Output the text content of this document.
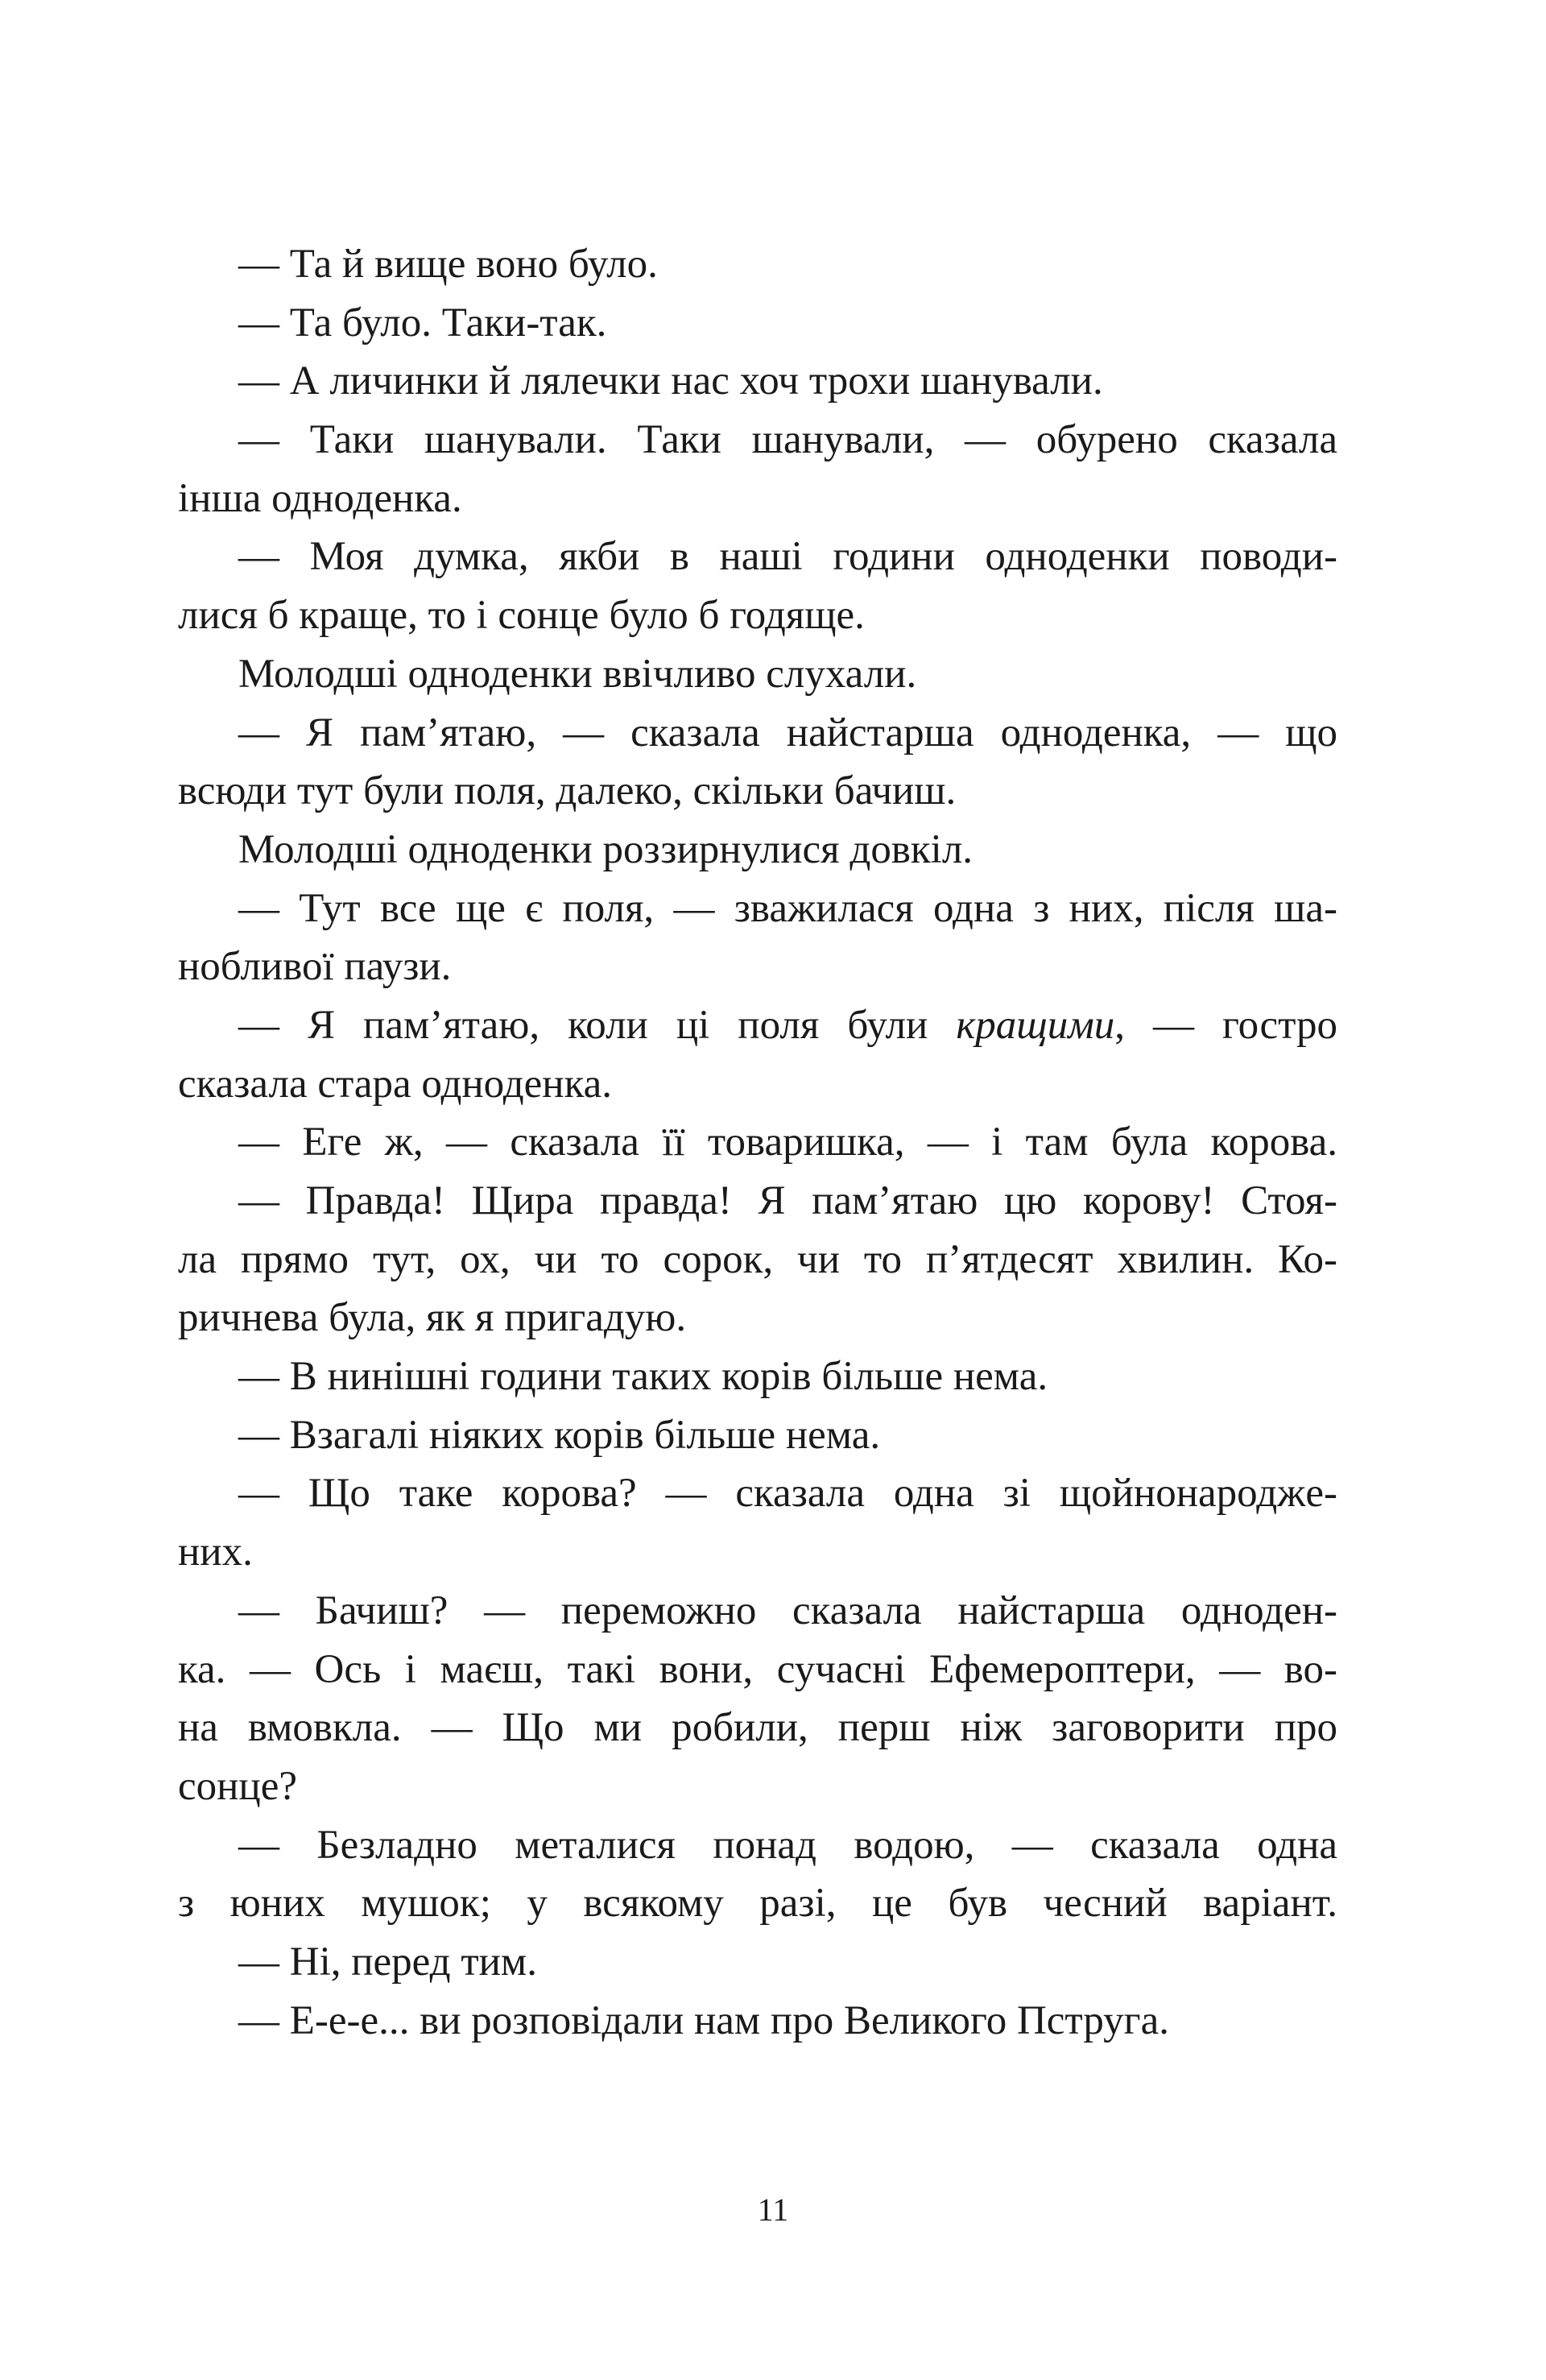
— Та й вище воно було.
— Та було. Таки-так.
— А личинки й лялечки нас хоч трохи шанували.
— Таки шанували. Таки шанували, — обурено сказала
інша одноденка.
— Моя думка, якби в наші години одноденки поводи-
лися б краще, то і сонце було б годяще.
Молодші одноденки ввічливо слухали.
— Я пам’ятаю, — сказала найстарша одноденка, — що
всюди тут були поля, далеко, скільки бачиш.
Молодші одноденки роззирнулися довкіл.
— Тут все ще є поля, — зважилася одна з них, після ша-
нобливої паузи.
— Я пам’ятаю, коли ці поля були кращими, — гостро
сказала стара одноденка.
— Еге ж, — сказала її товаришка, — і там була корова.
— Правда! Щира правда! Я пам’ятаю цю корову! Стоя-
ла прямо тут, ох, чи то сорок, чи то п’ятдесят хвилин. Ко-
ричнева була, як я пригадую.
— В нинішні години таких корів більше нема.
— Взагалі ніяких корів більше нема.
— Що таке корова? — сказала одна зі щойнонароджe-
них.
— Бачиш? — переможно сказала найстарша одноден-
ка. — Ось і маєш, такі вони, сучасні Ефемероптери, — во-
на вмовкла. — Що ми робили, перш ніж заговорити про
сонце?
— Безладно металися понад водою, — сказала одна
з юних мушок; у всякому разі, це був чесний варіант.
— Ні, перед тим.
— Е-е-е... ви розповідали нам про Великого Пструга.
11
